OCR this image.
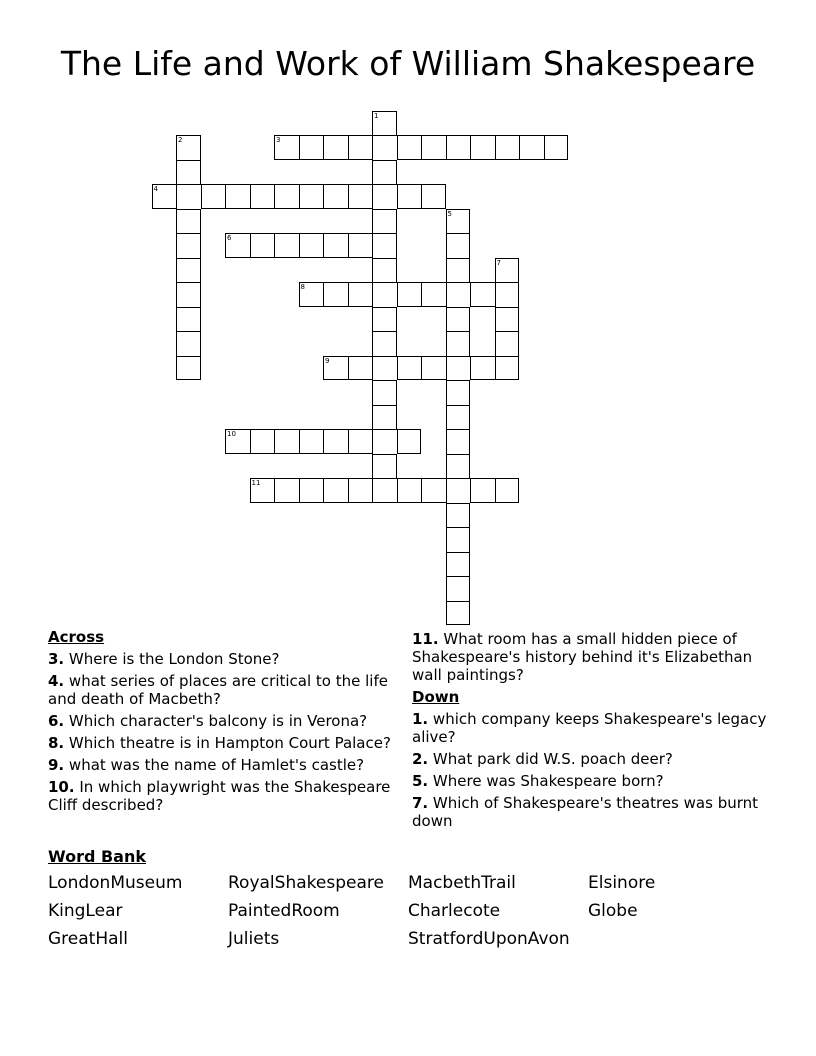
The Life and Work of William Shakespeare
1
2	3
4
5
6
7
8
9
10
11
Across
3. Where is the London Stone?
4. what series of places are critical to the life and death of Macbeth?
6. Which character's balcony is in Verona?
8. Which theatre is in Hampton Court Palace?
9. what was the name of Hamlet's castle?
10. In which playwright was the Shakespeare Cliff described?
11. What room has a small hidden piece of Shakespeare's history behind it's Elizabethan wall paintings?
Down
1. which company keeps Shakespeare's legacy alive?
2. What park did W.S. poach deer?
5. Where was Shakespeare born?
7. Which of Shakespeare's theatres was burnt down
Word Bank
LondonMuseum	RoyalShakespeare	MacbethTrail	Elsinore
KingLear	PaintedRoom	Charlecote	Globe
GreatHall	Juliets	StratfordUponAvon
